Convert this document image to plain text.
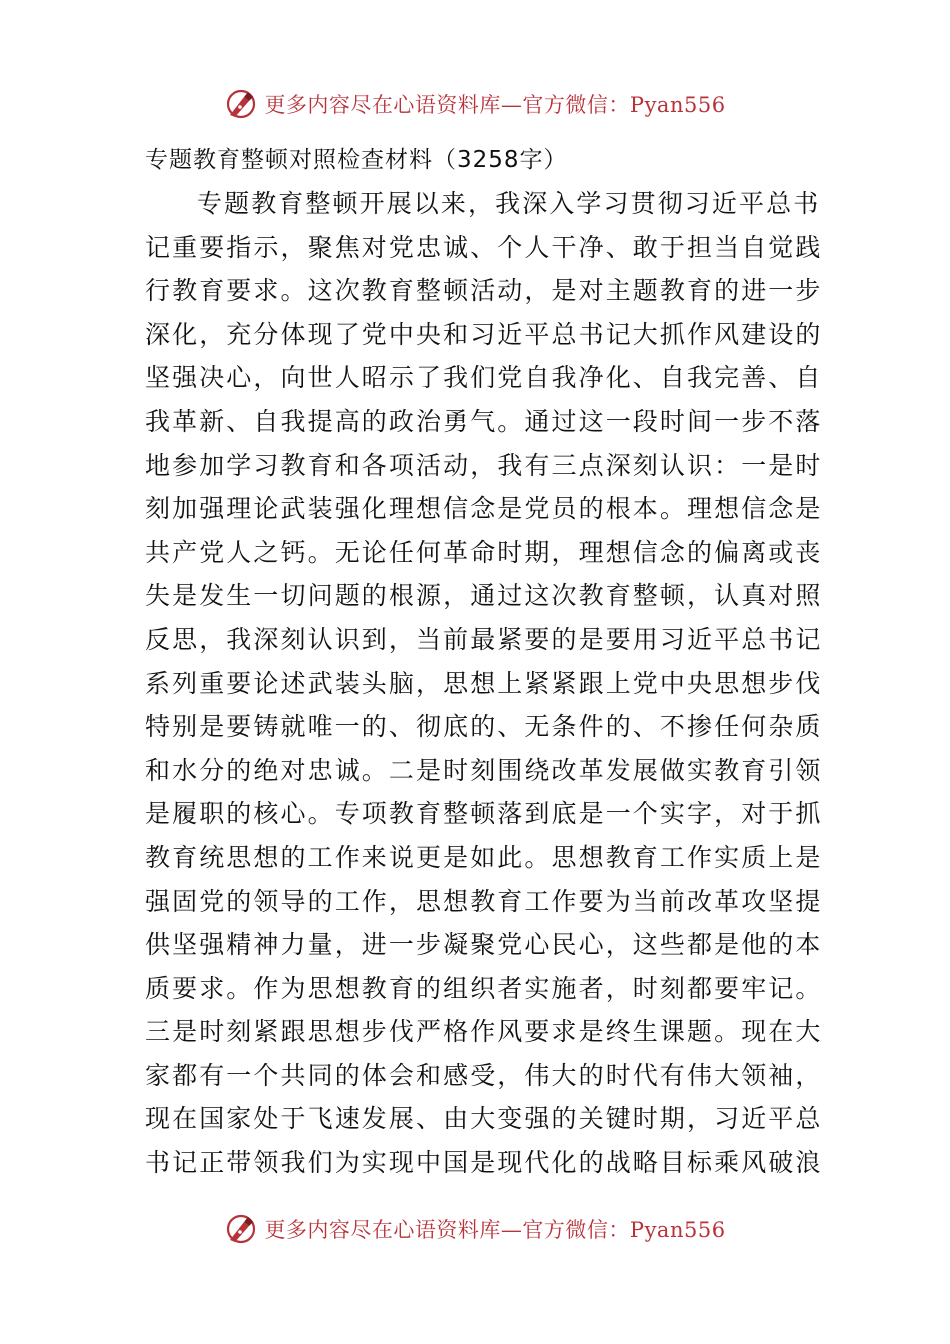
更多内容尽在心语资料库—官方微信：Pyan556
专题教育整顿对照检查材料（3258字）
专题教育整顿开展以来，我深入学习贯彻习近平总书
记重要指示，聚焦对党忠诚、个人干净、敢于担当自觉践
行教育要求。这次教育整顿活动，是对主题教育的进一步
深化，充分体现了党中央和习近平总书记大抓作风建设的
坚强决心，向世人昭示了我们党自我净化、自我完善、自
我革新、自我提高的政治勇气。通过这一段时间一步不落
地参加学习教育和各项活动，我有三点深刻认识：一是时
刻加强理论武装强化理想信念是党员的根本。理想信念是
共产党人之钙。无论任何革命时期，理想信念的偏离或丧
失是发生一切问题的根源，通过这次教育整顿，认真对照
反思，我深刻认识到，当前最紧要的是要用习近平总书记
系列重要论述武装头脑，思想上紧紧跟上党中央思想步伐
特别是要铸就唯一的、彻底的、无条件的、不掺任何杂质
和水分的绝对忠诚。二是时刻围绕改革发展做实教育引领
是履职的核心。专项教育整顿落到底是一个实字，对于抓
教育统思想的工作来说更是如此。思想教育工作实质上是
强固党的领导的工作，思想教育工作要为当前改革攻坚提
供坚强精神力量，进一步凝聚党心民心，这些都是他的本
质要求。作为思想教育的组织者实施者，时刻都要牢记。
三是时刻紧跟思想步伐严格作风要求是终生课题。现在大
家都有一个共同的体会和感受，伟大的时代有伟大领袖，
现在国家处于飞速发展、由大变强的关键时期，习近平总
书记正带领我们为实现中国是现代化的战略目标乘风破浪
更多内容尽在心语资料库—官方微信：Pyan556
